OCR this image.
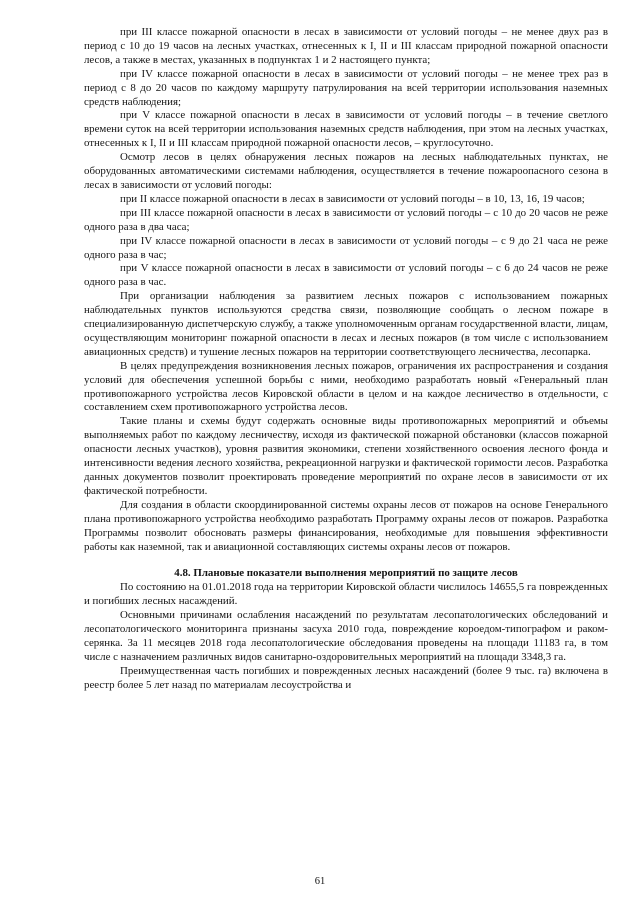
при III классе пожарной опасности в лесах в зависимости от условий погоды – не менее двух раз в период с 10 до 19 часов на лесных участках, отнесенных к I, II и III классам природной пожарной опасности лесов, а также в местах, указанных в подпунктах 1 и 2 настоящего пункта;

при IV классе пожарной опасности в лесах в зависимости от условий погоды – не менее трех раз в период с 8 до 20 часов по каждому маршруту патрулирования на всей территории использования наземных средств наблюдения;

при V классе пожарной опасности в лесах в зависимости от условий погоды – в течение светлого времени суток на всей территории использования наземных средств наблюдения, при этом на лесных участках, отнесенных к I, II и III классам природной пожарной опасности лесов, – круглосуточно.

Осмотр лесов в целях обнаружения лесных пожаров на лесных наблюдательных пунктах, не оборудованных автоматическими системами наблюдения, осуществляется в течение пожароопасного сезона в лесах в зависимости от условий погоды:

при II классе пожарной опасности в лесах в зависимости от условий погоды – в 10, 13, 16, 19 часов;

при III классе пожарной опасности в лесах в зависимости от условий погоды – с 10 до 20 часов не реже одного раза в два часа;

при IV классе пожарной опасности в лесах в зависимости от условий погоды – с 9 до 21 часа не реже одного раза в час;

при V классе пожарной опасности в лесах в зависимости от условий погоды – с 6 до 24 часов не реже одного раза в час.

При организации наблюдения за развитием лесных пожаров с использованием пожарных наблюдательных пунктов используются средства связи, позволяющие сообщать о лесном пожаре в специализированную диспетчерскую службу, а также уполномоченным органам государственной власти, лицам, осуществляющим мониторинг пожарной опасности в лесах и лесных пожаров (в том числе с использованием авиационных средств) и тушение лесных пожаров на территории соответствующего лесничества, лесопарка.

В целях предупреждения возникновения лесных пожаров, ограничения их распространения и создания условий для обеспечения успешной борьбы с ними, необходимо разработать новый «Генеральный план противопожарного устройства лесов Кировской области в целом и на каждое лесничество в отдельности, с составлением схем противопожарного устройства лесов.

Такие планы и схемы будут содержать основные виды противопожарных мероприятий и объемы выполняемых работ по каждому лесничеству, исходя из фактической пожарной обстановки (классов пожарной опасности лесных участков), уровня развития экономики, степени хозяйственного освоения лесного фонда и интенсивности ведения лесного хозяйства, рекреационной нагрузки и фактической горимости лесов. Разработка данных документов позволит проектировать проведение мероприятий по охране лесов в зависимости от их фактической потребности.

Для создания в области скоординированной системы охраны лесов от пожаров на основе Генерального плана противопожарного устройства необходимо разработать Программу охраны лесов от пожаров. Разработка Программы позволит обосновать размеры финансирования, необходимые для повышения эффективности работы как наземной, так и авиационной составляющих системы охраны лесов от пожаров.

4.8. Плановые показатели выполнения мероприятий по защите лесов

По состоянию на 01.01.2018 года на территории Кировской области числилось 14655,5 га поврежденных и погибших лесных насаждений.

Основными причинами ослабления насаждений по результатам лесопатологических обследований и лесопатологического мониторинга признаны засуха 2010 года, повреждение короедом-типографом и раком-серянка. За 11 месяцев 2018 года лесопатологические обследования проведены на площади 11183 га, в том числе с назначением различных видов санитарно-оздоровительных мероприятий на площади 3348,3 га.

Преимущественная часть погибших и поврежденных лесных насаждений (более 9 тыс. га) включена в реестр более 5 лет назад по материалам лесоустройства и

61
